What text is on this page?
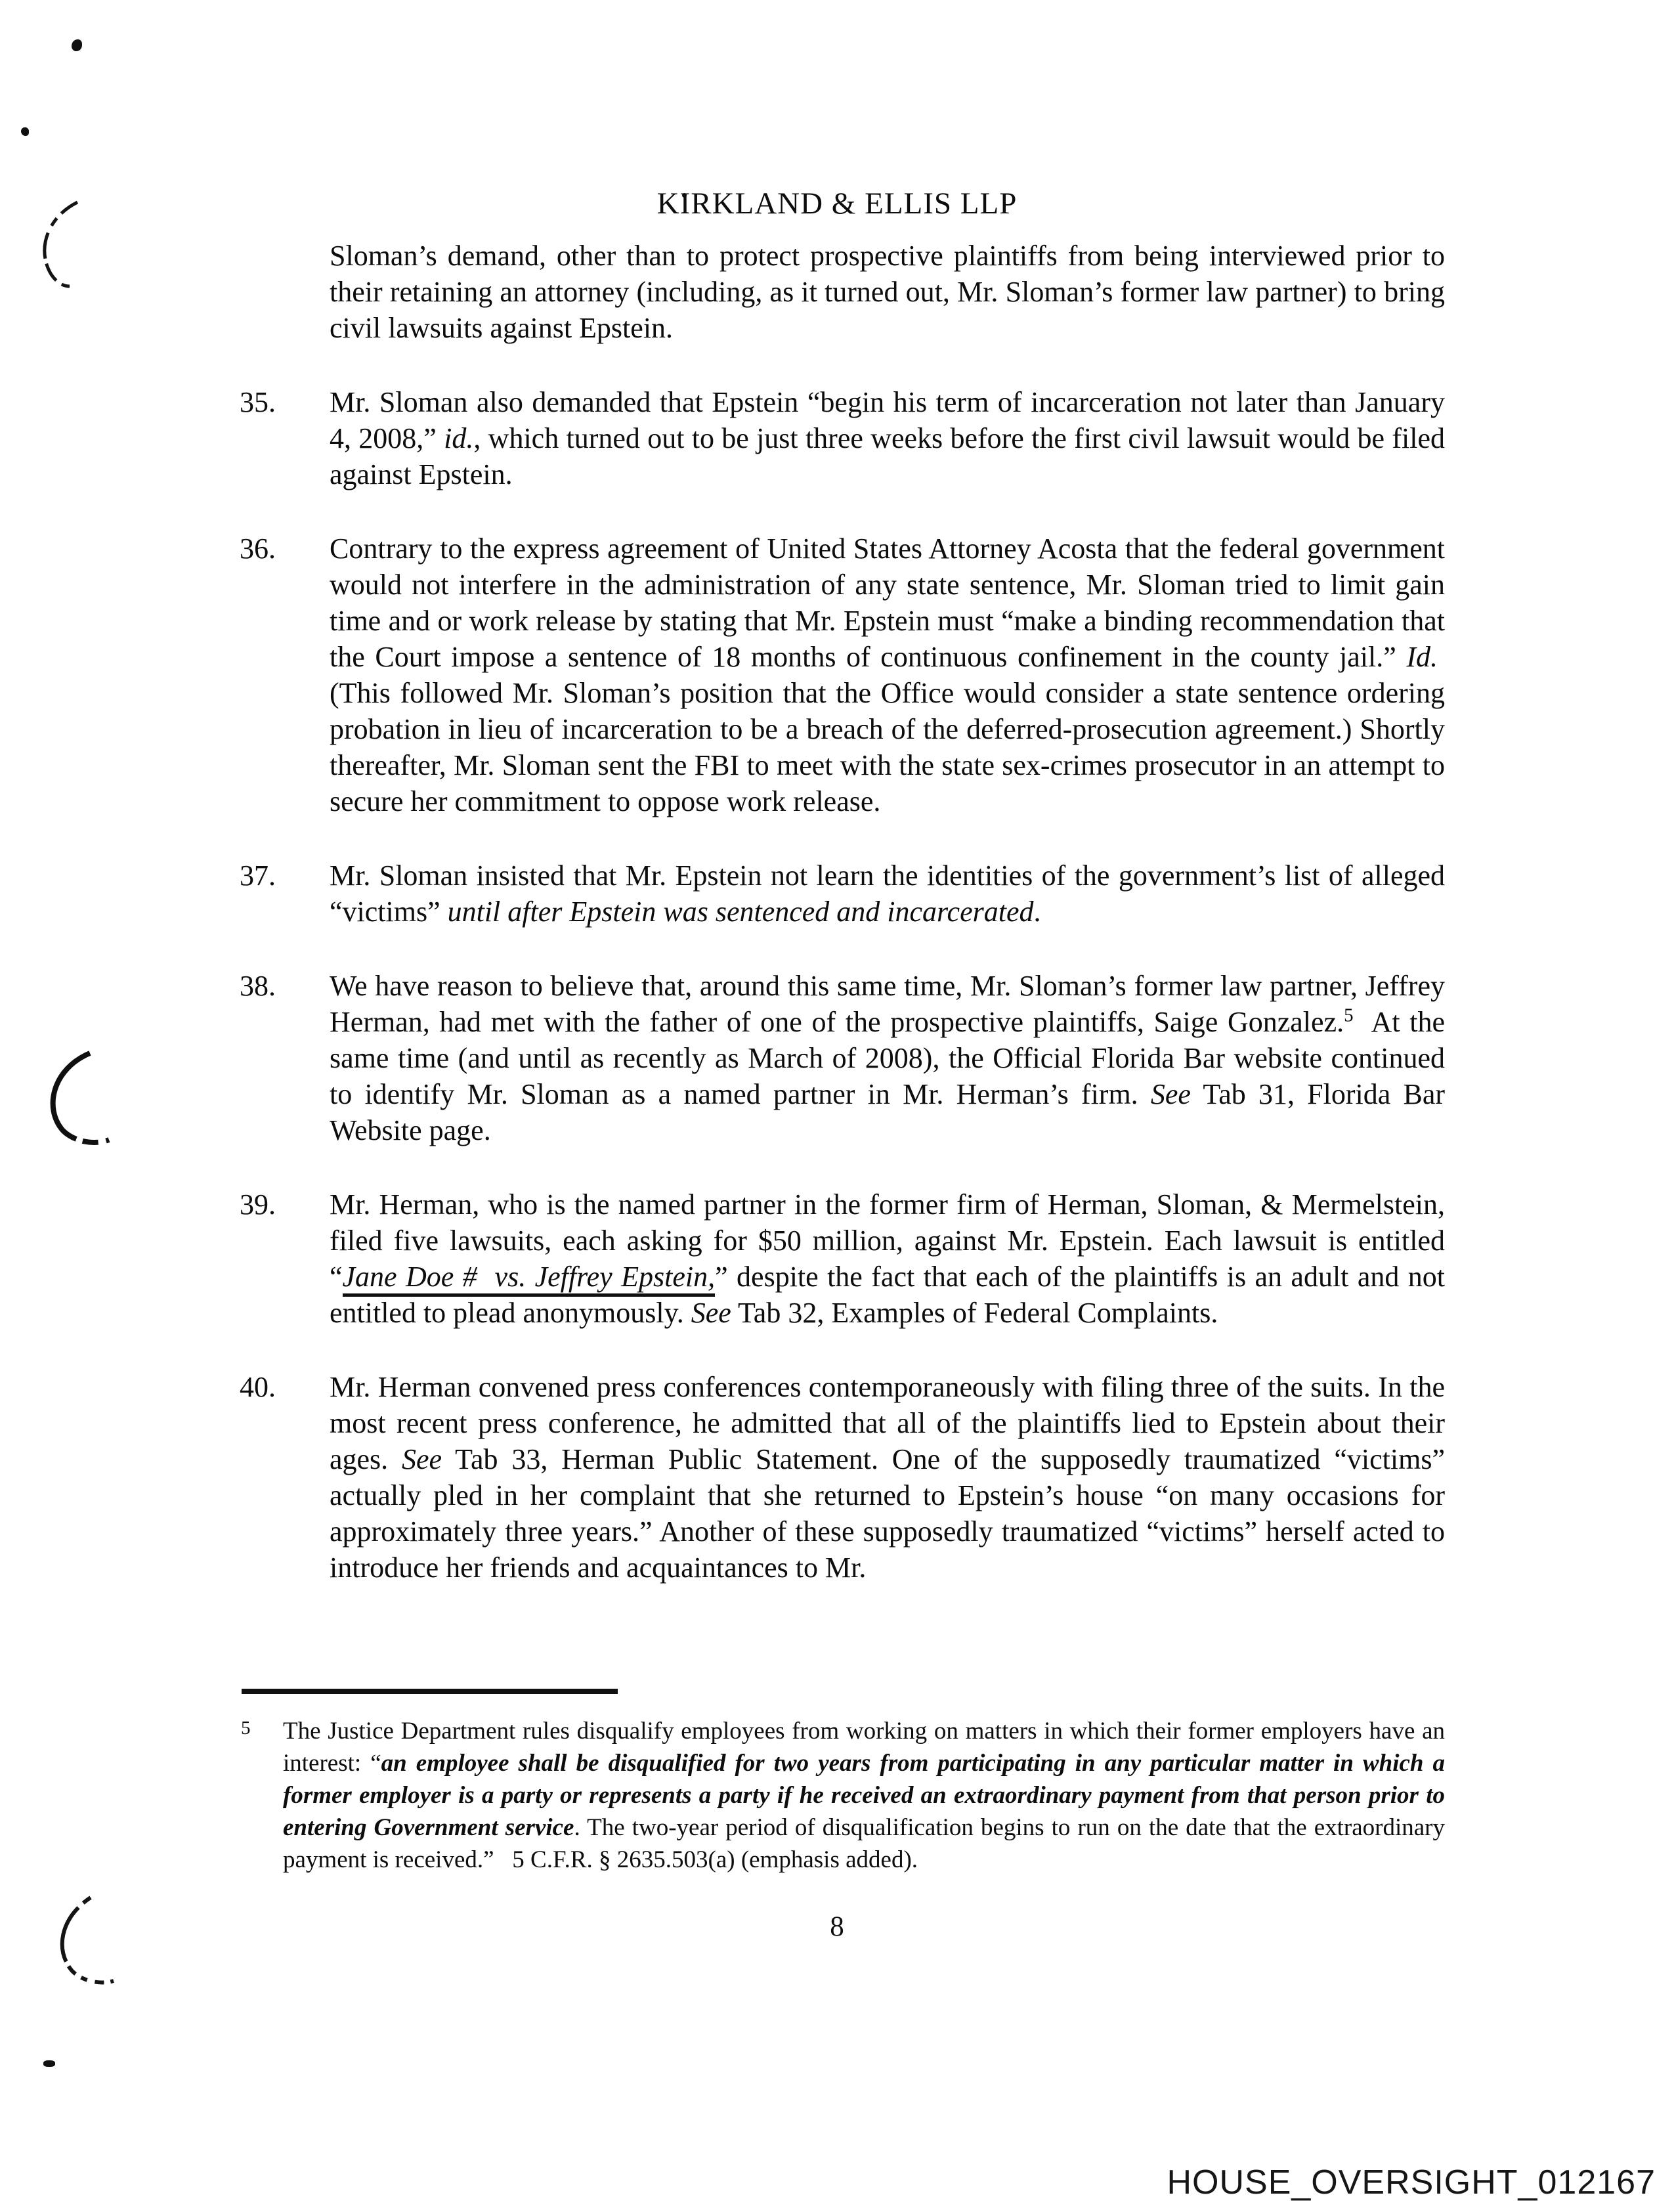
KIRKLAND & ELLIS LLP
Sloman’s demand, other than to protect prospective plaintiffs from being interviewed prior to their retaining an attorney (including, as it turned out, Mr. Sloman’s former law partner) to bring civil lawsuits against Epstein.
35.	Mr. Sloman also demanded that Epstein “begin his term of incarceration not later than January 4, 2008,” id., which turned out to be just three weeks before the first civil lawsuit would be filed against Epstein.
36.	Contrary to the express agreement of United States Attorney Acosta that the federal government would not interfere in the administration of any state sentence, Mr. Sloman tried to limit gain time and or work release by stating that Mr. Epstein must “make a binding recommendation that the Court impose a sentence of 18 months of continuous confinement in the county jail.” Id.  (This followed Mr. Sloman’s position that the Office would consider a state sentence ordering probation in lieu of incarceration to be a breach of the deferred-prosecution agreement.) Shortly thereafter, Mr. Sloman sent the FBI to meet with the state sex-crimes prosecutor in an attempt to secure her commitment to oppose work release.
37.	Mr. Sloman insisted that Mr. Epstein not learn the identities of the government’s list of alleged “victims” until after Epstein was sentenced and incarcerated.
38.	We have reason to believe that, around this same time, Mr. Sloman’s former law partner, Jeffrey Herman, had met with the father of one of the prospective plaintiffs, Saige Gonzalez.$^5$  At the same time (and until as recently as March of 2008), the Official Florida Bar website continued to identify Mr. Sloman as a named partner in Mr. Herman’s firm. See Tab 31, Florida Bar Website page.
39.	Mr. Herman, who is the named partner in the former firm of Herman, Sloman, & Mermelstein, filed five lawsuits, each asking for $50 million, against Mr. Epstein. Each lawsuit is entitled “Jane Doe #  vs. Jeffrey Epstein,” despite the fact that each of the plaintiffs is an adult and not entitled to plead anonymously. See Tab 32, Examples of Federal Complaints.
40.	Mr. Herman convened press conferences contemporaneously with filing three of the suits. In the most recent press conference, he admitted that all of the plaintiffs lied to Epstein about their ages. See Tab 33, Herman Public Statement. One of the supposedly traumatized “victims” actually pled in her complaint that she returned to Epstein’s house “on many occasions for approximately three years.” Another of these supposedly traumatized “victims” herself acted to introduce her friends and acquaintances to Mr.
5 The Justice Department rules disqualify employees from working on matters in which their former employers have an interest: “an employee shall be disqualified for two years from participating in any particular matter in which a former employer is a party or represents a party if he received an extraordinary payment from that person prior to entering Government service. The two-year period of disqualification begins to run on the date that the extraordinary payment is received.”   5 C.F.R. § 2635.503(a) (emphasis added).
8
HOUSE_OVERSIGHT_012167
